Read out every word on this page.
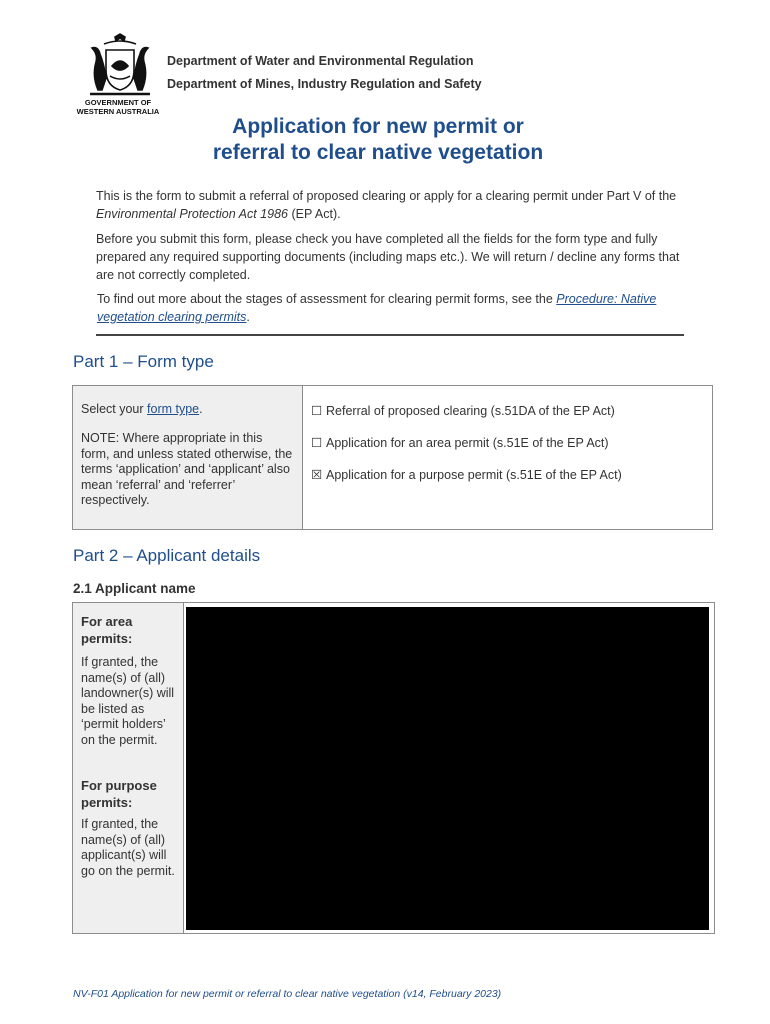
GOVERNMENT OF
WESTERN AUSTRALIA
Department of Water and Environmental Regulation
Department of Mines, Industry Regulation and Safety
Application for new permit or
referral to clear native vegetation
This is the form to submit a referral of proposed clearing or apply for a clearing permit under Part V of the Environmental Protection Act 1986 (EP Act).
Before you submit this form, please check you have completed all the fields for the form type and fully prepared any required supporting documents (including maps etc.). We will return / decline any forms that are not correctly completed.
To find out more about the stages of assessment for clearing permit forms, see the Procedure: Native vegetation clearing permits.
Part 1 – Form type
Select your form type.
NOTE: Where appropriate in this form, and unless stated otherwise, the terms ‘application’ and ‘applicant’ also mean ‘referral’ and ‘referrer’ respectively.
☐ Referral of proposed clearing (s.51DA of the EP Act)
☐ Application for an area permit (s.51E of the EP Act)
☒ Application for a purpose permit (s.51E of the EP Act)
Part 2 – Applicant details
2.1 Applicant name
For area permits:
If granted, the name(s) of (all) landowner(s) will be listed as ‘permit holders’ on the permit.
For purpose permits:
If granted, the name(s) of (all) applicant(s) will go on the permit.
NV-F01 Application for new permit or referral to clear native vegetation (v14, February 2023)
